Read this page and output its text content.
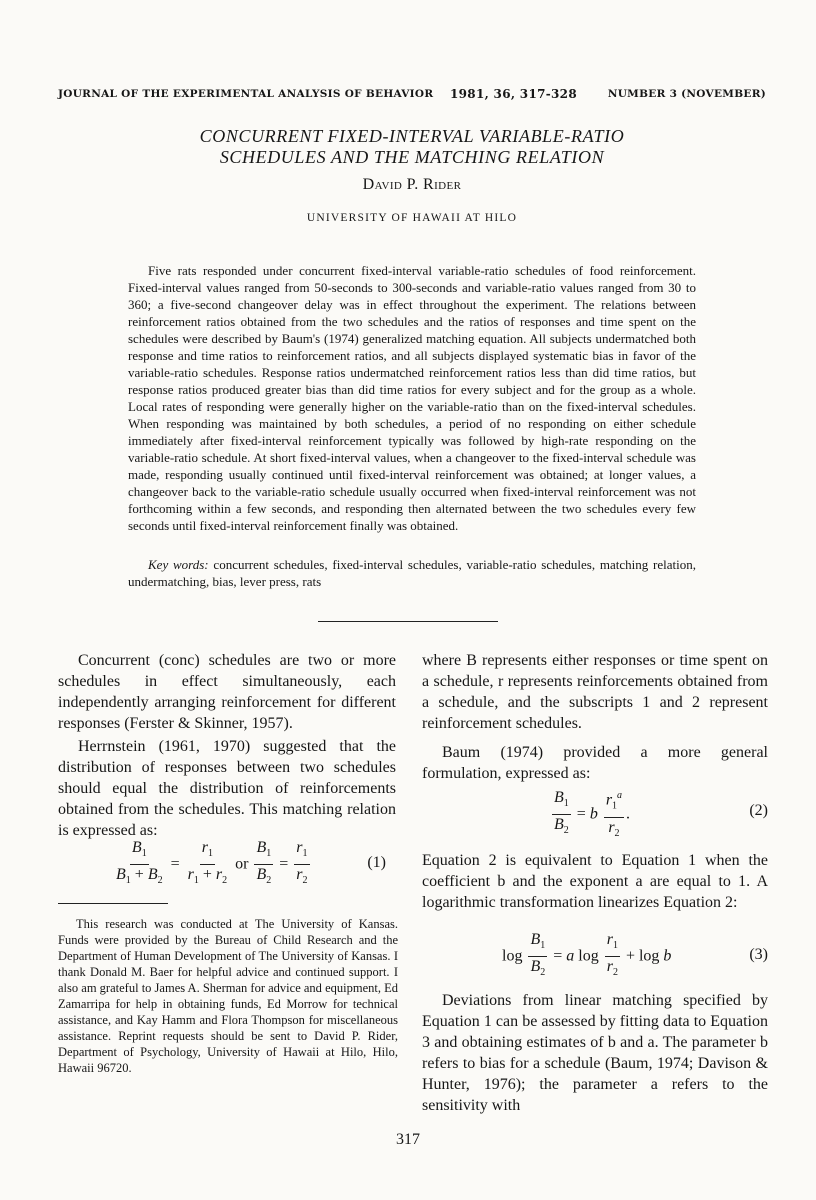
JOURNAL OF THE EXPERIMENTAL ANALYSIS OF BEHAVIOR 1981, 36, 317-328	NUMBER 3 (NOVEMBER)
CONCURRENT FIXED-INTERVAL VARIABLE-RATIO
SCHEDULES AND THE MATCHING RELATION
David P. Rider
UNIVERSITY OF HAWAII AT HILO

Five rats responded under concurrent fixed-interval variable-ratio schedules of food reinforcement. Fixed-interval values ranged from 50-seconds to 300-seconds and variable-ratio values ranged from 30 to 360; a five-second changeover delay was in effect throughout the experiment. The relations between reinforcement ratios obtained from the two schedules and the ratios of responses and time spent on the schedules were described by Baum's (1974) generalized matching equation. All subjects undermatched both response and time ratios to reinforcement ratios, and all subjects displayed systematic bias in favor of the variable-ratio schedules. Response ratios undermatched reinforcement ratios less than did time ratios, but response ratios produced greater bias than did time ratios for every subject and for the group as a whole. Local rates of responding were generally higher on the variable-ratio than on the fixed-interval schedules. When responding was maintained by both schedules, a period of no responding on either schedule immediately after fixed-interval reinforcement typically was followed by high-rate responding on the variable-ratio schedule. At short fixed-interval values, when a changeover to the fixed-interval schedule was made, responding usually continued until fixed-interval reinforcement was obtained; at longer values, a changeover back to the variable-ratio schedule usually occurred when fixed-interval reinforcement was not forthcoming within a few seconds, and responding then alternated between the two schedules every few seconds until fixed-interval reinforcement finally was obtained.

Key words: concurrent schedules, fixed-interval schedules, variable-ratio schedules, matching relation, undermatching, bias, lever press, rats

Concurrent (conc) schedules are two or more schedules in effect simultaneously, each independently arranging reinforcement for different responses (Ferster & Skinner, 1957).

Herrnstein (1961, 1970) suggested that the distribution of responses between two schedules should equal the distribution of reinforcements obtained from the schedules. This matching relation is expressed as:

$\frac{B_1}{B_1 + B_2} = \frac{r_1}{r_1 + r_2}$ or $\frac{B_1}{B_2} = \frac{r_1}{r_2}$	(1)

This research was conducted at The University of Kansas. Funds were provided by the Bureau of Child Research and the Department of Human Development of The University of Kansas. I thank Donald M. Baer for helpful advice and continued support. I also am grateful to James A. Sherman for advice and equipment, Ed Zamarripa for help in obtaining funds, Ed Morrow for technical assistance, and Kay Hamm and Flora Thompson for miscellaneous assistance. Reprint requests should be sent to David P. Rider, Department of Psychology, University of Hawaii at Hilo, Hilo, Hawaii 96720.

where B represents either responses or time spent on a schedule, r represents reinforcements obtained from a schedule, and the subscripts 1 and 2 represent reinforcement schedules.

Baum (1974) provided a more general formulation, expressed as:

$\frac{B_1}{B_2} = b \frac{r_1^a}{r_2}$ .	(2)

Equation 2 is equivalent to Equation 1 when the coefficient b and the exponent a are equal to 1. A logarithmic transformation linearizes Equation 2:

$\log \frac{B_1}{B_2} = a$ $\log \frac{r_1}{r_2} + \log b$	(3)

Deviations from linear matching specified by Equation 1 can be assessed by fitting data to Equation 3 and obtaining estimates of b and a. The parameter b refers to bias for a schedule (Baum, 1974; Davison & Hunter, 1976); the parameter a refers to the sensitivity with

317
